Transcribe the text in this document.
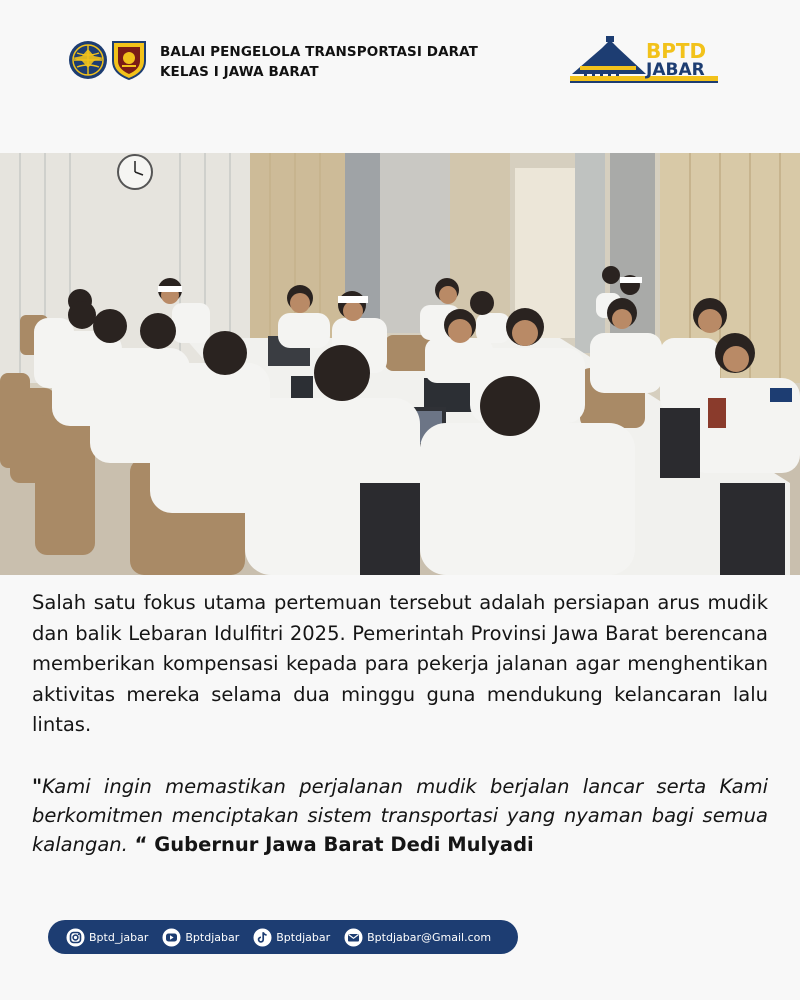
BALAI PENGELOLA TRANSPORTASI DARAT
KELAS I JAWA BARAT
BPTD
JABAR
Salah satu fokus utama pertemuan tersebut adalah persiapan arus mudik dan balik Lebaran Idulfitri 2025. Pemerintah Provinsi Jawa Barat berencana memberikan kompensasi kepada para pekerja jalanan agar menghentikan aktivitas mereka selama dua minggu guna mendukung kelancaran lalu lintas.
"Kami ingin memastikan perjalanan mudik berjalan lancar serta Kami berkomitmen menciptakan sistem transportasi yang nyaman bagi semua kalangan. “ Gubernur Jawa Barat Dedi Mulyadi
Bptd_jabar	Bptdjabar	Bptdjabar	Bptdjabar@Gmail.com
